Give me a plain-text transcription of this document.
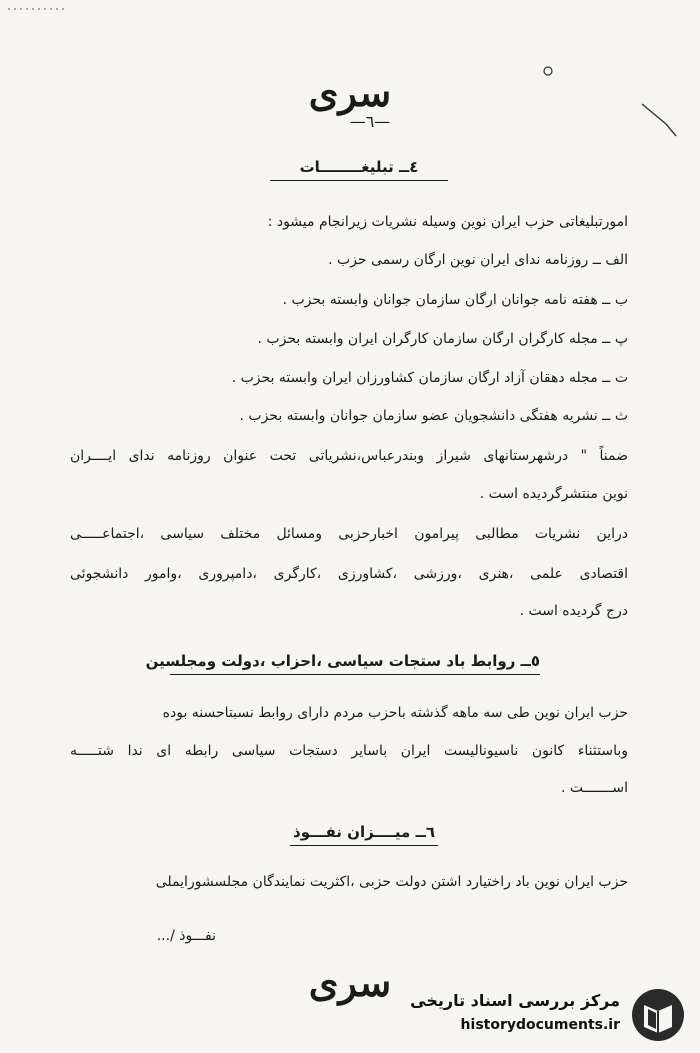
سری
—٦—
٤ــ تبلیغــــــــات
امورتبلیغاتی حزب ایران نوین وسیله نشریات زیرانجام میشود :
الف ــ روزنامه ندای ایران نوین ارگان رسمی حزب .
ب ــ هفته نامه جوانان ارگان سازمان جوانان وابسته بحزب .
پ ــ مجله کارگران ارگان سازمان کارگران ایران وابسته بحزب .
ت ــ مجله دهقان آزاد ارگان سازمان کشاورزان ایران وابسته بحزب .
ث ــ نشریه هفتگی دانشجویان عضو سازمان جوانان وابسته بحزب .
ضمناً " درشهرستانهای شیراز وبندرعباس،نشریاتی تحت عنوان روزنامه ندای ایــــران
نوین منتشرگردیده است .
دراین نشریات مطالبی پیرامون اخبارحزبی ومسائل مختلف سیاسی ،اجتماعـــــی
اقتصادی علمی ،هنری ،ورزشی ،کشاورزی ،کارگری ،دامپروری ،وامور دانشجوئی
درج گردیده است .
٥ــ روابط باد ستجات سیاسی ،احزاب ،دولت ومجلسین
حزب ایران نوین طی سه ماهه گذشته باحزب مردم دارای روابط نسبتاحسنه بوده
وباستثناء کانون ناسیونالیست ایران باسایر دستجات سیاسی رابطه ای ندا شتـــــه
اســـــــت .
٦ــ میــــزان نفـــوذ
حزب ایران نوین باد راختیارد اشتن دولت حزبی ،اکثریت نمایندگان مجلسشورایملی
نفـــوذ /...
سری	مرکز بررسی اسناد تاریخی
historydocuments.ir
